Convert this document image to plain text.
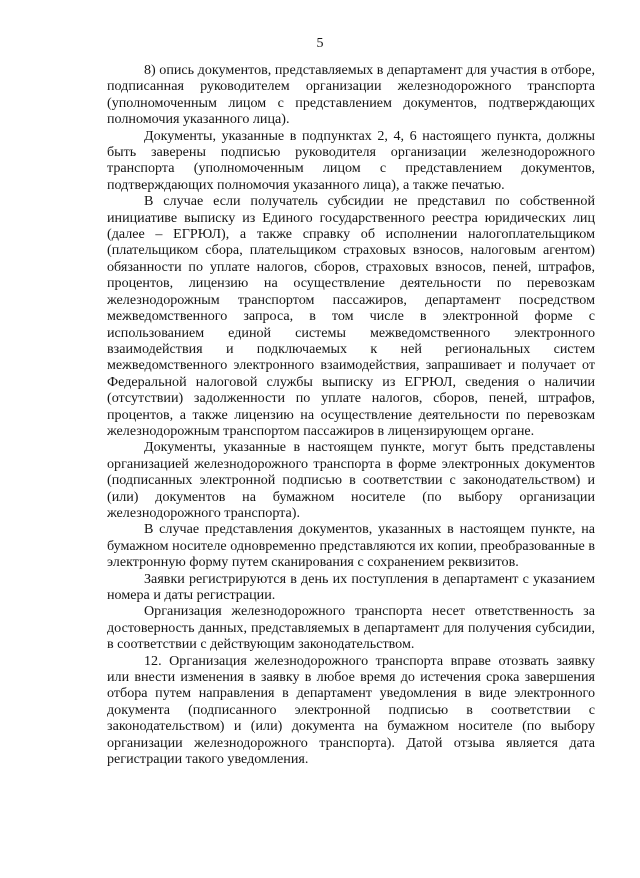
5

8) опись документов, представляемых в департамент для участия в отборе, подписанная руководителем организации железнодорожного транспорта (уполномоченным лицом с представлением документов, подтверждающих полномочия указанного лица).

Документы, указанные в подпунктах 2, 4, 6 настоящего пункта, должны быть заверены подписью руководителя организации железнодорожного транспорта (уполномоченным лицом с представлением документов, подтверждающих полномочия указанного лица), а также печатью.

В случае если получатель субсидии не представил по собственной инициативе выписку из Единого государственного реестра юридических лиц (далее – ЕГРЮЛ), а также справку об исполнении налогоплательщиком (плательщиком сбора, плательщиком страховых взносов, налоговым агентом) обязанности по уплате налогов, сборов, страховых взносов, пеней, штрафов, процентов, лицензию на осуществление деятельности по перевозкам железнодорожным транспортом пассажиров, департамент посредством межведомственного запроса, в том числе в электронной форме с использованием единой системы межведомственного электронного взаимодействия и подключаемых к ней региональных систем межведомственного электронного взаимодействия, запрашивает и получает от Федеральной налоговой службы выписку из ЕГРЮЛ, сведения о наличии (отсутствии) задолженности по уплате налогов, сборов, пеней, штрафов, процентов, а также лицензию на осуществление деятельности по перевозкам железнодорожным транспортом пассажиров в лицензирующем органе.

Документы, указанные в настоящем пункте, могут быть представлены организацией железнодорожного транспорта в форме электронных документов (подписанных электронной подписью в соответствии с законодательством) и (или) документов на бумажном носителе (по выбору организации железнодорожного транспорта).

В случае представления документов, указанных в настоящем пункте, на бумажном носителе одновременно представляются их копии, преобразованные в электронную форму путем сканирования с сохранением реквизитов.

Заявки регистрируются в день их поступления в департамент с указанием номера и даты регистрации.

Организация железнодорожного транспорта несет ответственность за достоверность данных, представляемых в департамент для получения субсидии, в соответствии с действующим законодательством.

12. Организация железнодорожного транспорта вправе отозвать заявку или внести изменения в заявку в любое время до истечения срока завершения отбора путем направления в департамент уведомления в виде электронного документа (подписанного электронной подписью в соответствии с законодательством) и (или) документа на бумажном носителе (по выбору организации железнодорожного транспорта). Датой отзыва является дата регистрации такого уведомления.
